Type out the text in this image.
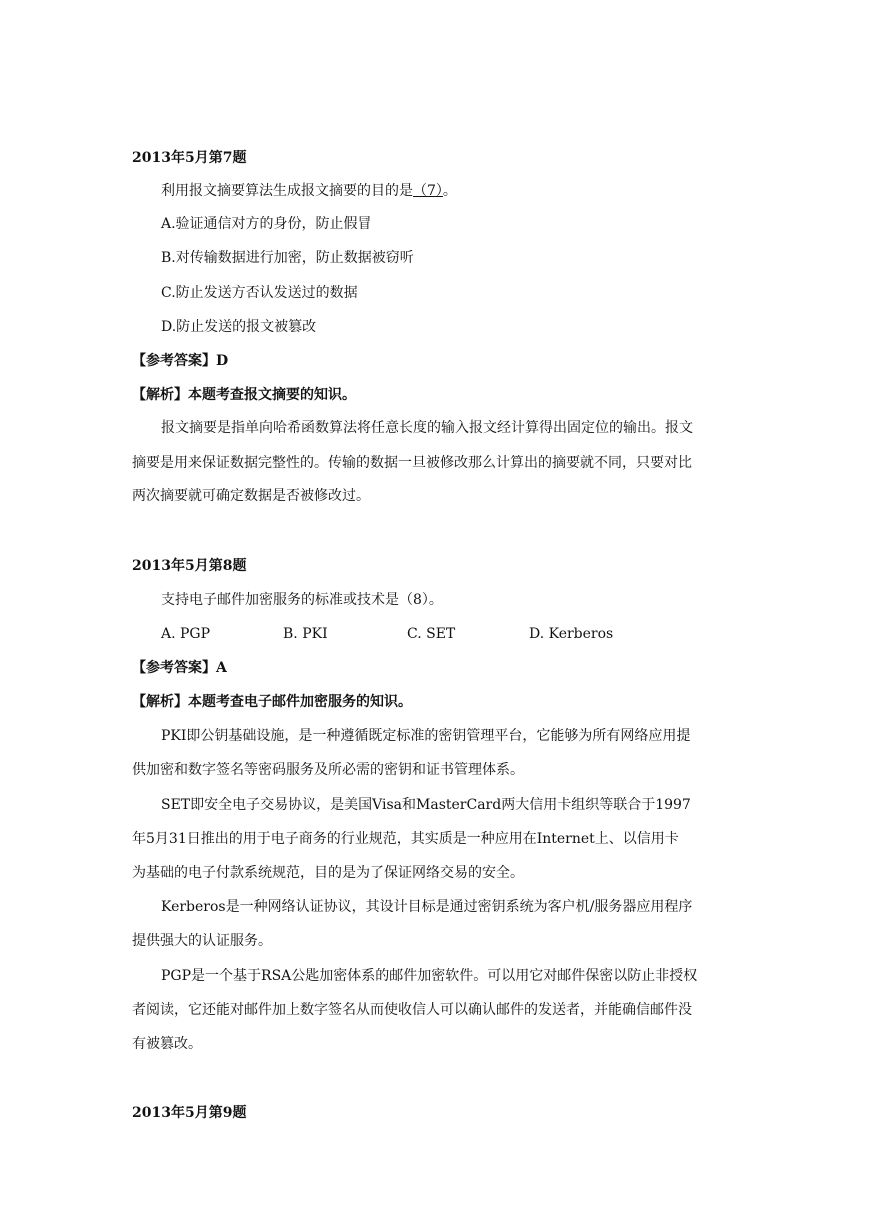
2013年5月第7题
利用报文摘要算法生成报文摘要的目的是（7）。
A.验证通信对方的身份，防止假冒
B.对传输数据进行加密，防止数据被窃听
C.防止发送方否认发送过的数据
D.防止发送的报文被篡改
【参考答案】D
【解析】本题考查报文摘要的知识。
报文摘要是指单向哈希函数算法将任意长度的输入报文经计算得出固定位的输出。报文
摘要是用来保证数据完整性的。传输的数据一旦被修改那么计算出的摘要就不同，只要对比
两次摘要就可确定数据是否被修改过。
2013年5月第8题
支持电子邮件加密服务的标准或技术是（8）。
A. PGP	B. PKI	C. SET	D. Kerberos
【参考答案】A
【解析】本题考查电子邮件加密服务的知识。
PKI即公钥基础设施，是一种遵循既定标准的密钥管理平台，它能够为所有网络应用提
供加密和数字签名等密码服务及所必需的密钥和证书管理体系。
SET即安全电子交易协议，是美国Visa和MasterCard两大信用卡组织等联合于1997
年5月31日推出的用于电子商务的行业规范，其实质是一种应用在Internet上、以信用卡
为基础的电子付款系统规范，目的是为了保证网络交易的安全。
Kerberos是一种网络认证协议，其设计目标是通过密钥系统为客户机/服务器应用程序
提供强大的认证服务。
PGP是一个基于RSA公匙加密体系的邮件加密软件。可以用它对邮件保密以防止非授权
者阅读，它还能对邮件加上数字签名从而使收信人可以确认邮件的发送者，并能确信邮件没
有被篡改。
2013年5月第9题
